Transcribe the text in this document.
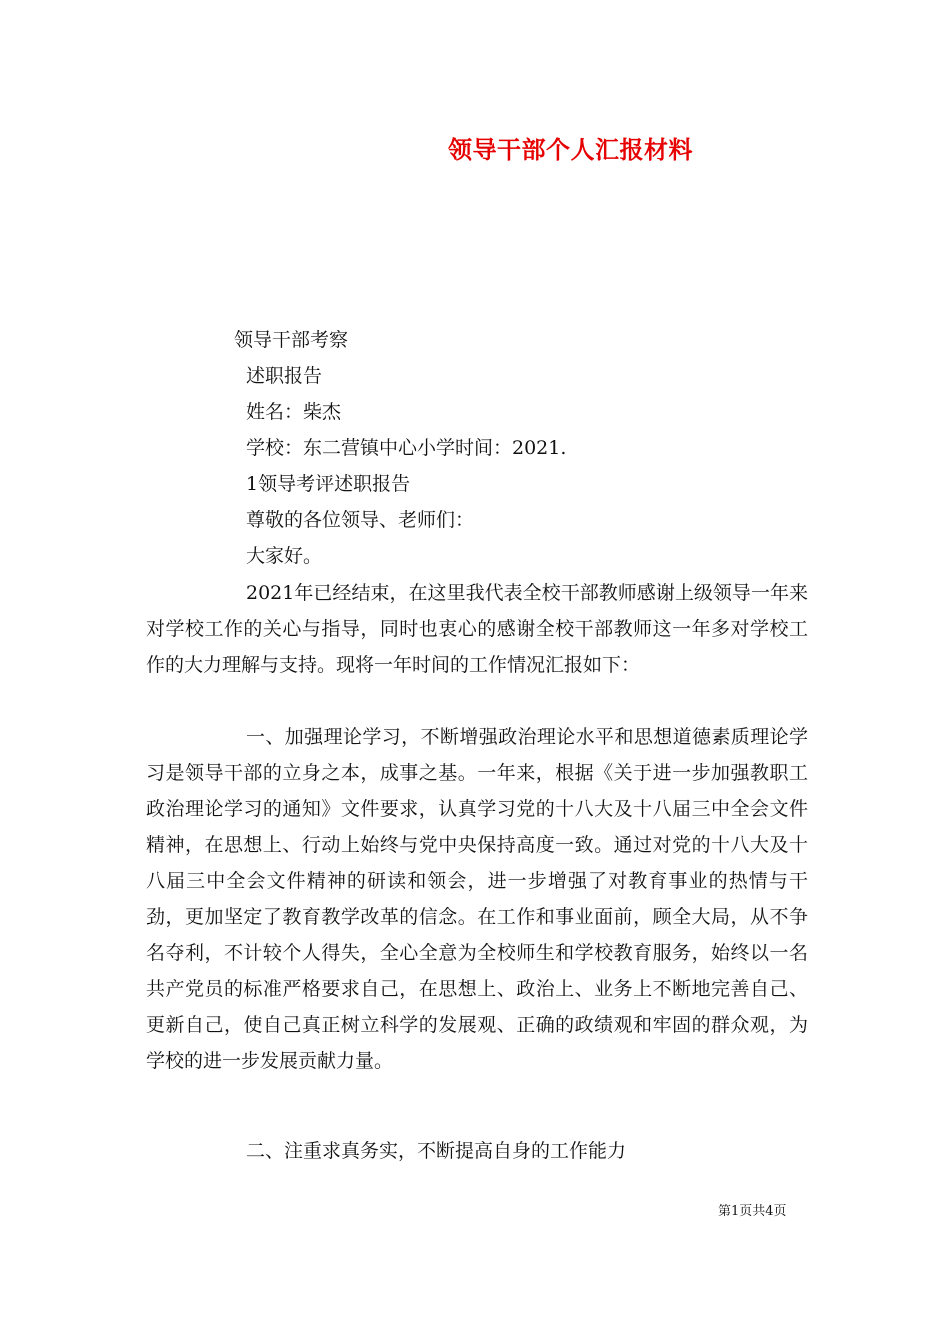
领导干部个人汇报材料

领导干部考察

述职报告

姓名：柴杰

学校：东二营镇中心小学时间：2021.

1领导考评述职报告

尊敬的各位领导、老师们：

大家好。

2021年已经结束，在这里我代表全校干部教师感谢上级领导一年来对学校工作的关心与指导，同时也衷心的感谢全校干部教师这一年多对学校工作的大力理解与支持。现将一年时间的工作情况汇报如下：

一、加强理论学习，不断增强政治理论水平和思想道德素质理论学习是领导干部的立身之本，成事之基。一年来，根据《关于进一步加强教职工政治理论学习的通知》文件要求，认真学习党的十八大及十八届三中全会文件精神，在思想上、行动上始终与党中央保持高度一致。通过对党的十八大及十八届三中全会文件精神的研读和领会，进一步增强了对教育事业的热情与干劲，更加坚定了教育教学改革的信念。在工作和事业面前，顾全大局，从不争名夺利，不计较个人得失，全心全意为全校师生和学校教育服务，始终以一名共产党员的标准严格要求自己，在思想上、政治上、业务上不断地完善自己、更新自己，使自己真正树立科学的发展观、正确的政绩观和牢固的群众观，为学校的进一步发展贡献力量。

二、注重求真务实，不断提高自身的工作能力

第1页共4页
